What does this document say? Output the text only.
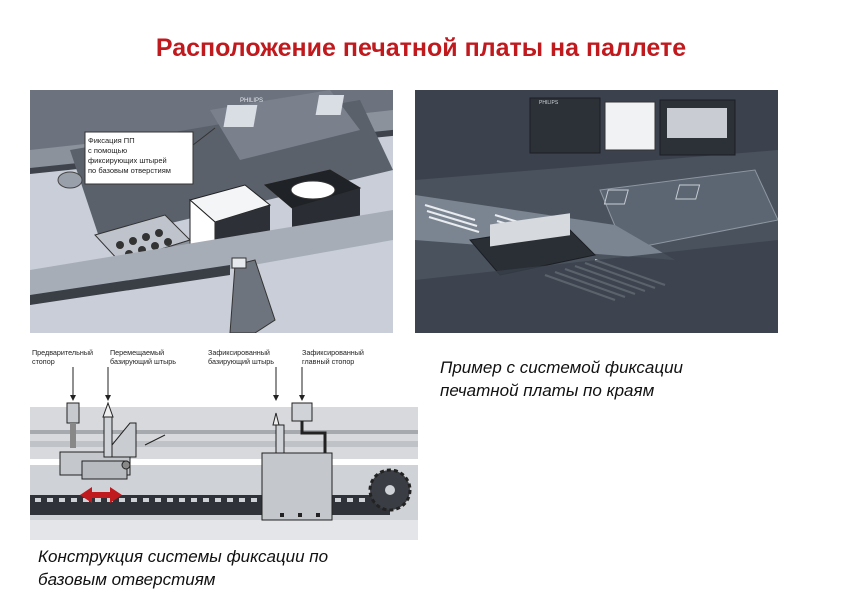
Расположение печатной платы на паллете
PHILIPS
Фиксация ПП
с помощью
фиксирующих штырей
по базовым отверстиям
PHILIPS
Пример с системой фиксации
печатной платы по краям
Предварительный
стопор
Перемещаемый
базирующий штырь
Зафиксированный
базирующий штырь
Зафиксированный
главный стопор
Конструкция системы фиксации по
базовым отверстиям
